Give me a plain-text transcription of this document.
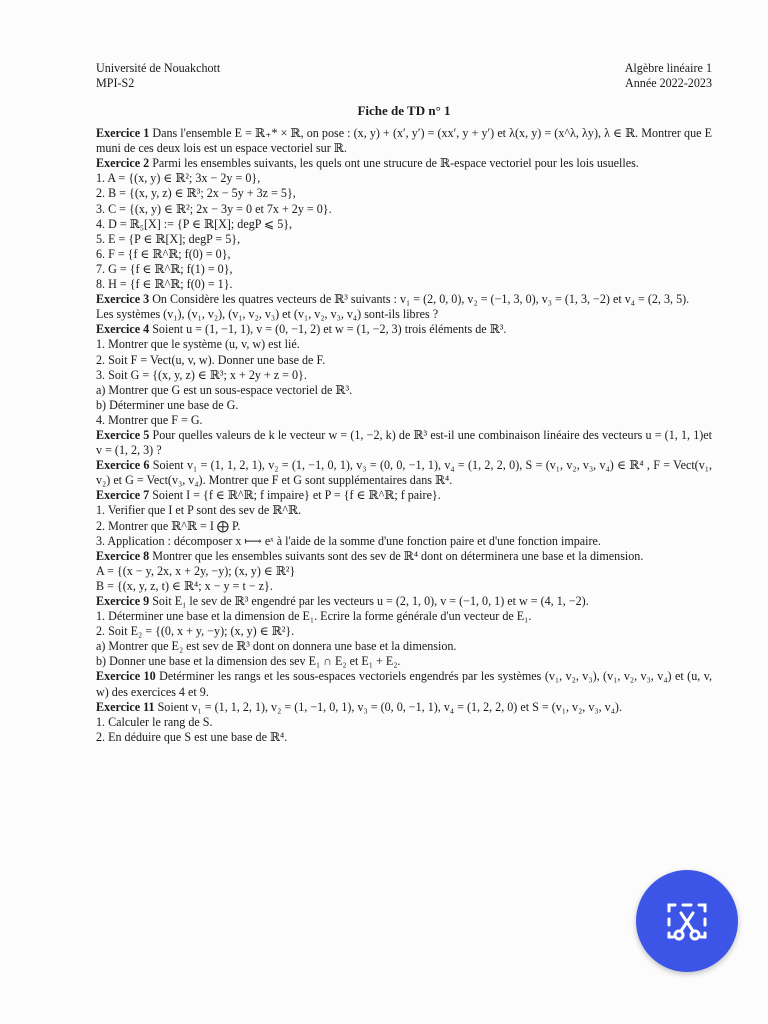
Université de Nouakchott
MPI-S2
Algèbre linéaire 1
Année 2022-2023
Fiche de TD n° 1
Exercice 1 Dans l'ensemble E = ℝ₊* × ℝ, on pose : (x, y) + (x′, y′) = (xx′, y + y′) et λ(x, y) = (x^λ, λy), λ ∈ ℝ. Montrer que E muni de ces deux lois est un espace vectoriel sur ℝ.
Exercice 2 Parmi les ensembles suivants, les quels ont une strucure de ℝ-espace vectoriel pour les lois usuelles.
1. A = {(x, y) ∈ ℝ²; 3x − 2y = 0},
2. B = {(x, y, z) ∈ ℝ³; 2x − 5y + 3z = 5},
3. C = {(x, y) ∈ ℝ²; 2x − 3y = 0 et 7x + 2y = 0}.
4. D = ℝ₅[X] := {P ∈ ℝ[X]; degP ⩽ 5},
5. E = {P ∈ ℝ[X]; degP = 5},
6. F = {f ∈ ℝ^ℝ; f(0) = 0},
7. G = {f ∈ ℝ^ℝ; f(1) = 0},
8. H = {f ∈ ℝ^ℝ; f(0) = 1}.
Exercice 3 On Considère les quatres vecteurs de ℝ³ suivants : v₁ = (2, 0, 0), v₂ = (−1, 3, 0), v₃ = (1, 3, −2) et v₄ = (2, 3, 5).
Les systèmes (v₁), (v₁, v₂), (v₁, v₂, v₃) et (v₁, v₂, v₃, v₄) sont-ils libres ?
Exercice 4 Soient u = (1, −1, 1), v = (0, −1, 2) et w = (1, −2, 3) trois éléments de ℝ³.
1. Montrer que le système (u, v, w) est lié.
2. Soit F = Vect(u, v, w). Donner une base de F.
3. Soit G = {(x, y, z) ∈ ℝ³; x + 2y + z = 0}.
a) Montrer que G est un sous-espace vectoriel de ℝ³.
b) Déterminer une base de G.
4. Montrer que F = G.
Exercice 5 Pour quelles valeurs de k le vecteur w = (1, −2, k) de ℝ³ est-il une combinaison linéaire des vecteurs u = (1, 1, 1)et v = (1, 2, 3) ?
Exercice 6 Soient v₁ = (1, 1, 2, 1), v₂ = (1, −1, 0, 1), v₃ = (0, 0, −1, 1), v₄ = (1, 2, 2, 0), S = (v₁, v₂, v₃, v₄) ∈ ℝ⁴ , F = Vect(v₁, v₂) et G = Vect(v₃, v₄). Montrer que F et G sont supplémentaires dans ℝ⁴.
Exercice 7 Soient I = {f ∈ ℝ^ℝ; f impaire} et P = {f ∈ ℝ^ℝ; f paire}.
1. Verifier que I et P sont des sev de ℝ^ℝ.
2. Montrer que ℝ^ℝ = I ⨁ P.
3. Application : décomposer x ⟼ eˣ à l'aide de la somme d'une fonction paire et d'une fonction impaire.
Exercice 8 Montrer que les ensembles suivants sont des sev de ℝ⁴ dont on déterminera une base et la dimension.
A = {(x − y, 2x, x + 2y, −y); (x, y) ∈ ℝ²}
B = {(x, y, z, t) ∈ ℝ⁴; x − y = t − z}.
Exercice 9 Soit E₁ le sev de ℝ³ engendré par les vecteurs u = (2, 1, 0), v = (−1, 0, 1) et w = (4, 1, −2).
1. Déterminer une base et la dimension de E₁. Ecrire la forme générale d'un vecteur de E₁.
2. Soit E₂ = {(0, x + y, −y); (x, y) ∈ ℝ²}.
a) Montrer que E₂ est sev de ℝ³ dont on donnera une base et la dimension.
b) Donner une base et la dimension des sev E₁ ∩ E₂ et E₁ + E₂.
Exercice 10 Detérminer les rangs et les sous-espaces vectoriels engendrés par les systèmes (v₁, v₂, v₃), (v₁, v₂, v₃, v₄) et (u, v, w) des exercices 4 et 9.
Exercice 11 Soient v₁ = (1, 1, 2, 1), v₂ = (1, −1, 0, 1), v₃ = (0, 0, −1, 1), v₄ = (1, 2, 2, 0) et S = (v₁, v₂, v₃, v₄).
1. Calculer le rang de S.
2. En déduire que S est une base de ℝ⁴.
